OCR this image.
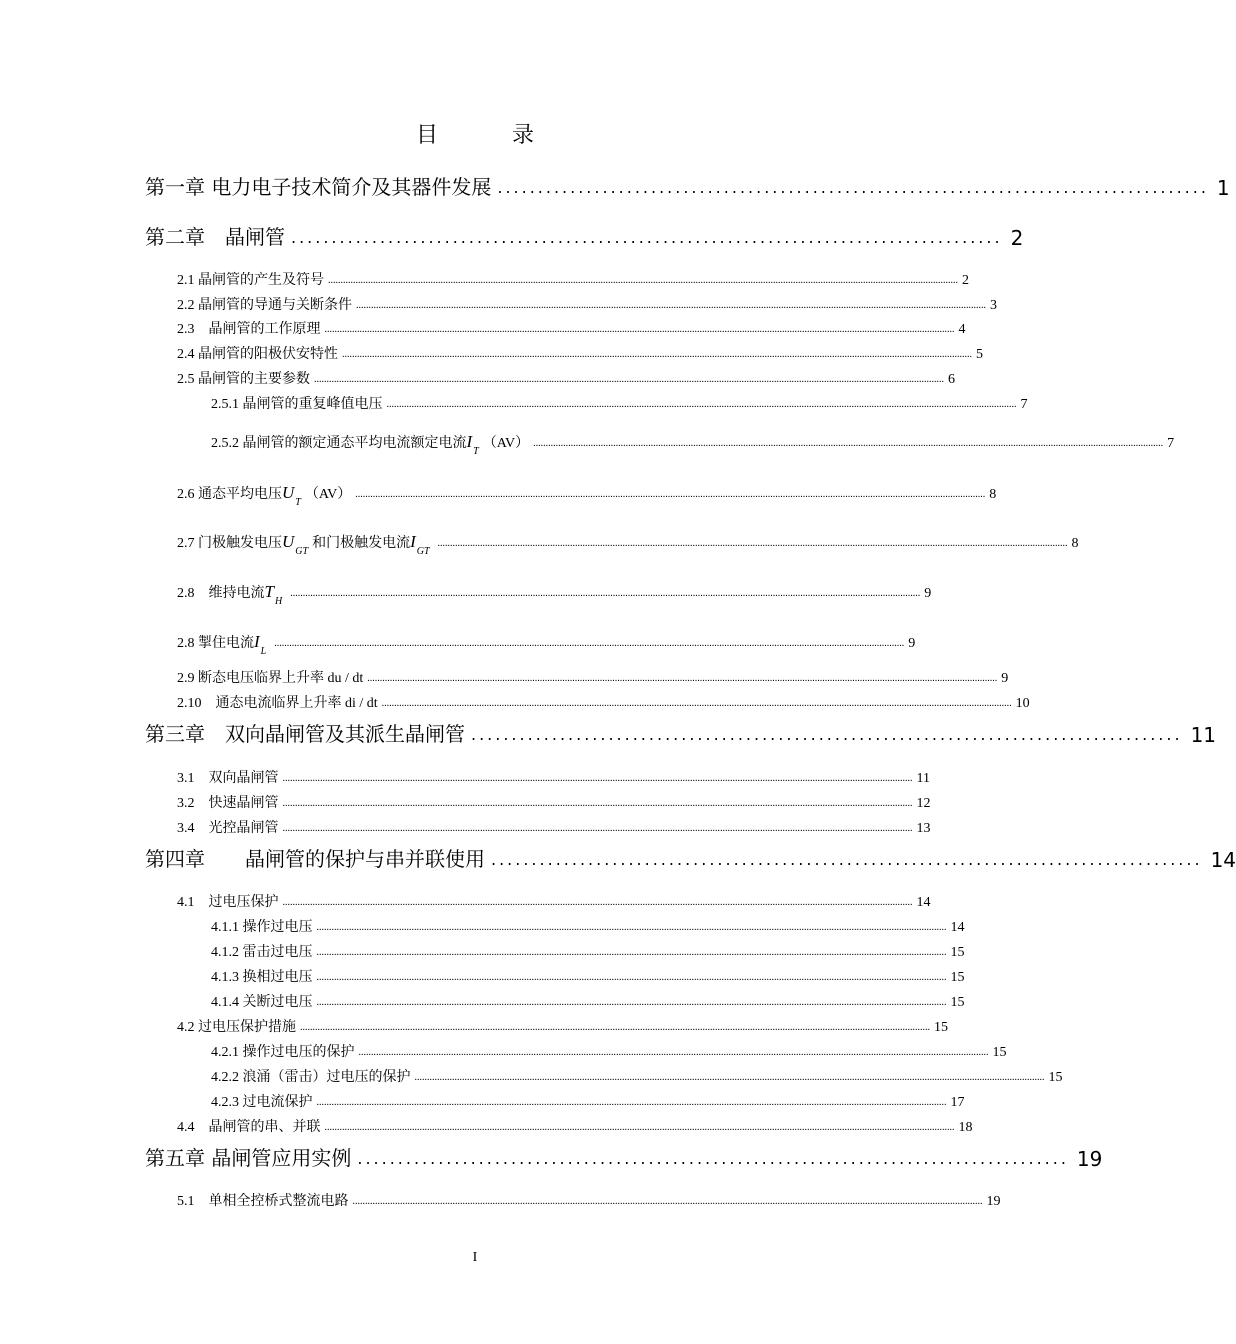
目　录
第一章 电力电子技术简介及其器件发展 ........................................................................................ 1
第二章　晶闸管 ........................................................................................ 2
2.1 晶闸管的产生及符号 ............................................................................................................................................................................................................................................................ 2
2.2 晶闸管的导通与关断条件 ............................................................................................................................................................................................................................................................ 3
2.3　晶闸管的工作原理 ............................................................................................................................................................................................................................................................ 4
2.4 晶闸管的阳极伏安特性 ............................................................................................................................................................................................................................................................ 5
2.5 晶闸管的主要参数 ............................................................................................................................................................................................................................................................ 6
2.5.1 晶闸管的重复峰值电压 ............................................................................................................................................................................................................................................................ 7
2.5.2 晶闸管的额定通态平均电流额定电流$I_T(AV)$ ............................................................................................................................................................................................................................................................ 7
2.6 通态平均电压$U_T(AV)$ ............................................................................................................................................................................................................................................................ 8
2.7 门极触发电压$U_{GT}$和门极触发电流$I_{GT}$
............................................................................................................................................................................................................................................................ 8
2.8　维持电流$T_H$
............................................................................................................................................................................................................................................................ 9
2.8 掣住电流$I_L$
............................................................................................................................................................................................................................................................ 9
2.9 断态电压临界上升率 du / dt ............................................................................................................................................................................................................................................................ 9
2.10　通态电流临界上升率 di / dt ............................................................................................................................................................................................................................................................ 10
第三章　双向晶闸管及其派生晶闸管 ........................................................................................ 11
3.1　双向晶闸管 ............................................................................................................................................................................................................................................................ 11
3.2　快速晶闸管 ............................................................................................................................................................................................................................................................ 12
3.4　光控晶闸管 ............................................................................................................................................................................................................................................................ 13
第四章　　晶闸管的保护与串并联使用 ........................................................................................ 14
4.1　过电压保护 ............................................................................................................................................................................................................................................................ 14
4.1.1 操作过电压 ............................................................................................................................................................................................................................................................ 14
4.1.2 雷击过电压 ............................................................................................................................................................................................................................................................ 15
4.1.3 换相过电压 ............................................................................................................................................................................................................................................................ 15
4.1.4 关断过电压 ............................................................................................................................................................................................................................................................ 15
4.2 过电压保护措施 ............................................................................................................................................................................................................................................................ 15
4.2.1 操作过电压的保护 ............................................................................................................................................................................................................................................................ 15
4.2.2 浪涌（雷击）过电压的保护 ............................................................................................................................................................................................................................................................ 15
4.2.3 过电流保护 ............................................................................................................................................................................................................................................................ 17
4.4　晶闸管的串、并联 ............................................................................................................................................................................................................................................................ 18
第五章 晶闸管应用实例 ........................................................................................ 19
5.1　单相全控桥式整流电路 ............................................................................................................................................................................................................................................................ 19
I
